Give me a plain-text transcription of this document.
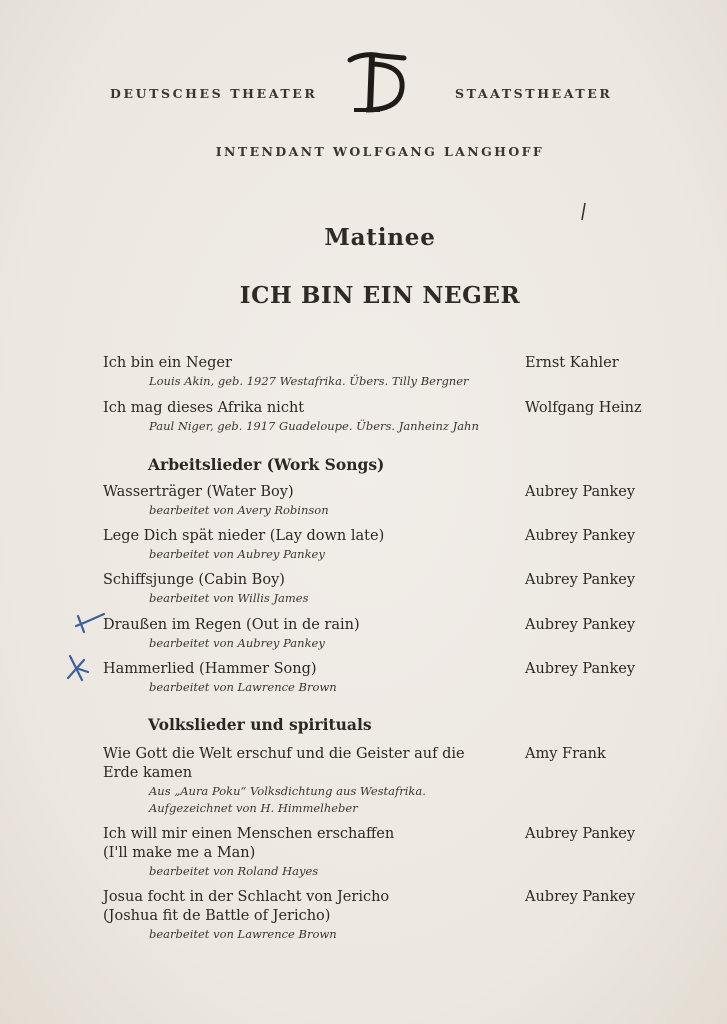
DEUTSCHES THEATER	STAATSTHEATER
INTENDANT WOLFGANG LANGHOFF
Matinee
ICH BIN EIN NEGER
Ich bin ein Neger
Louis Akin, geb. 1927 Westafrika. Übers. Tilly Bergner
Ernst Kahler
Ich mag dieses Afrika nicht
Paul Niger, geb. 1917 Guadeloupe. Übers. Janheinz Jahn
Wolfgang Heinz
Arbeitslieder (Work Songs)
Wasserträger (Water Boy)
bearbeitet von Avery Robinson
Aubrey Pankey
Lege Dich spät nieder (Lay down late)
bearbeitet von Aubrey Pankey
Aubrey Pankey
Schiffsjunge (Cabin Boy)
bearbeitet von Willis James
Aubrey Pankey
Draußen im Regen (Out in de rain)
bearbeitet von Aubrey Pankey
Aubrey Pankey
Hammerlied (Hammer Song)
bearbeitet von Lawrence Brown
Aubrey Pankey
Volkslieder und spirituals
Wie Gott die Welt erschuf und die Geister auf die Erde kamen
Aus „Aura Poku“ Volksdichtung aus Westafrika.
Aufgezeichnet von H. Himmelheber
Amy Frank
Ich will mir einen Menschen erschaffen
(I'll make me a Man)
bearbeitet von Roland Hayes
Aubrey Pankey
Josua focht in der Schlacht von Jericho
(Joshua fit de Battle of Jericho)
bearbeitet von Lawrence Brown
Aubrey Pankey
